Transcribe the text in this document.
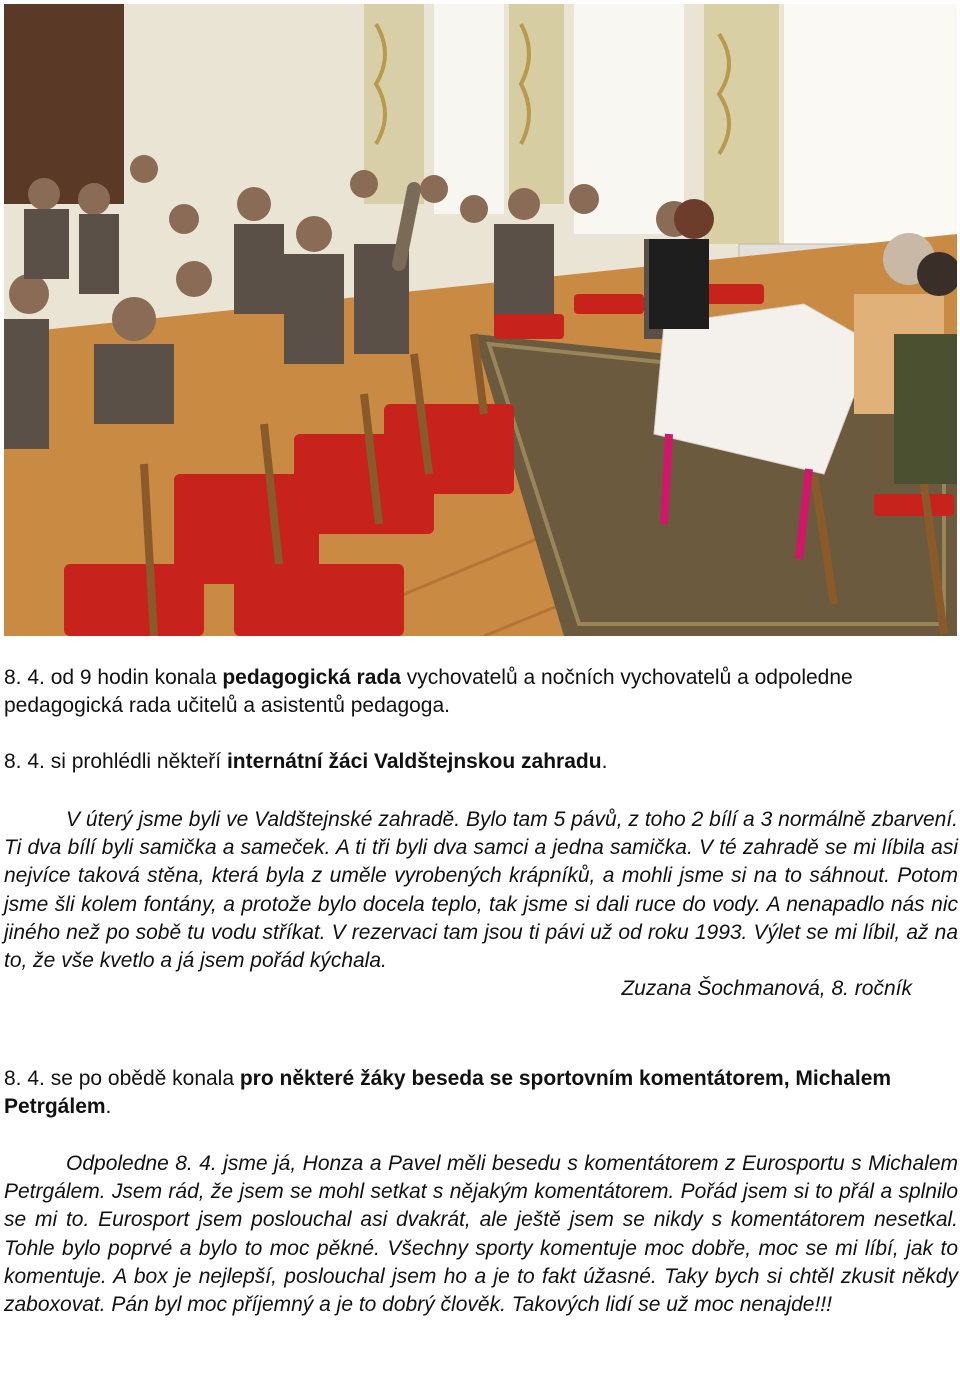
8. 4. od 9 hodin konala pedagogická rada vychovatelů a nočních vychovatelů a odpoledne pedagogická rada učitelů a asistentů pedagoga.

8. 4. si prohlédli někteří internátní žáci Valdštejnskou zahradu.

V úterý jsme byli ve Valdštejnské zahradě. Bylo tam 5 pávů, z toho 2 bílí a 3 normálně zbarvení. Ti dva bílí byli samička a sameček. A ti tři byli dva samci a jedna samička. V té zahradě se mi líbila asi nejvíce taková stěna, která byla z uměle vyrobených krápníků, a mohli jsme si na to sáhnout. Potom jsme šli kolem fontány, a protože bylo docela teplo, tak jsme si dali ruce do vody. A nenapadlo nás nic jiného než po sobě tu vodu stříkat. V rezervaci tam jsou ti pávi už od roku 1993. Výlet se mi líbil, až na to, že vše kvetlo a já jsem pořád kýchala.

Zuzana Šochmanová, 8. ročník

8. 4. se po obědě konala pro některé žáky beseda se sportovním komentátorem, Michalem Petrgálem.

Odpoledne 8. 4. jsme já, Honza a Pavel měli besedu s komentátorem z Eurosportu s Michalem Petrgálem. Jsem rád, že jsem se mohl setkat s nějakým komentátorem. Pořád jsem si to přál a splnilo se mi to. Eurosport jsem poslouchal asi dvakrát, ale ještě jsem se nikdy s komentátorem nesetkal. Tohle bylo poprvé a bylo to moc pěkné. Všechny sporty komentuje moc dobře, moc se mi líbí, jak to komentuje. A box je nejlepší, poslouchal jsem ho a je to fakt úžasné. Taky bych si chtěl zkusit někdy zaboxovat. Pán byl moc příjemný a je to dobrý člověk. Takových lidí se už moc nenajde!!!
